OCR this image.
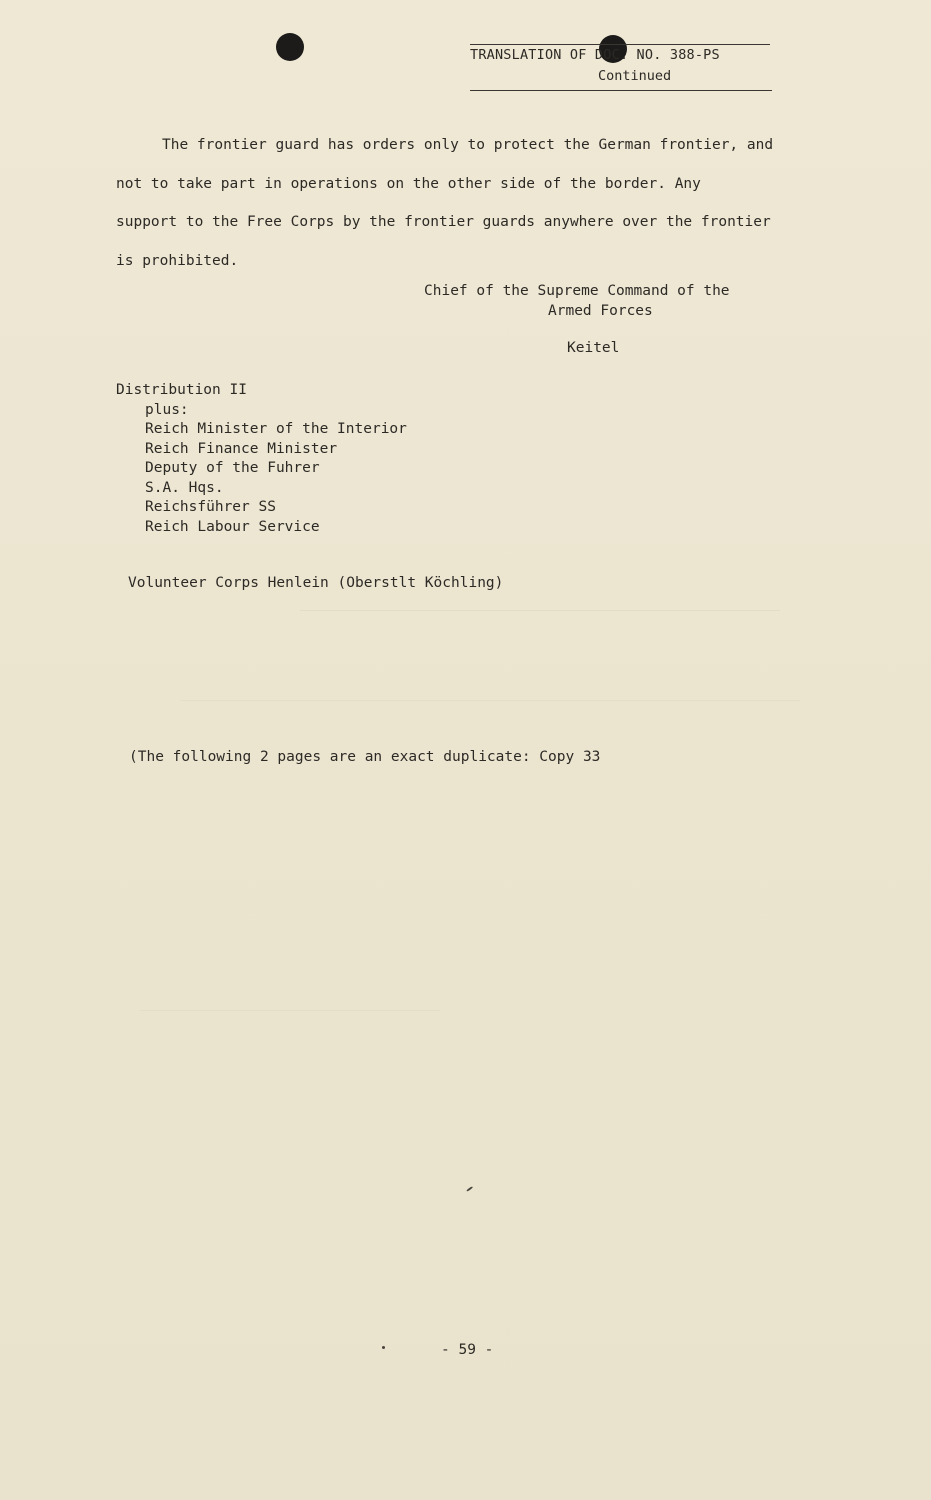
TRANSLATION OF DOC. NO. 388-PS
Continued
The frontier guard has orders only to protect the German frontier, and
not to take part in operations on the other side of the border. Any
support to the Free Corps by the frontier guards anywhere over the frontier
is prohibited.
Chief of the Supreme Command of the
Armed Forces
Keitel
Distribution II
plus:
Reich Minister of the Interior
Reich Finance Minister
Deputy of the Fuhrer
S.A. Hqs.
Reichsführer SS
Reich Labour Service
Volunteer Corps Henlein (Oberstlt Köchling)
(The following 2 pages are an exact duplicate: Copy 33
- 59 -
